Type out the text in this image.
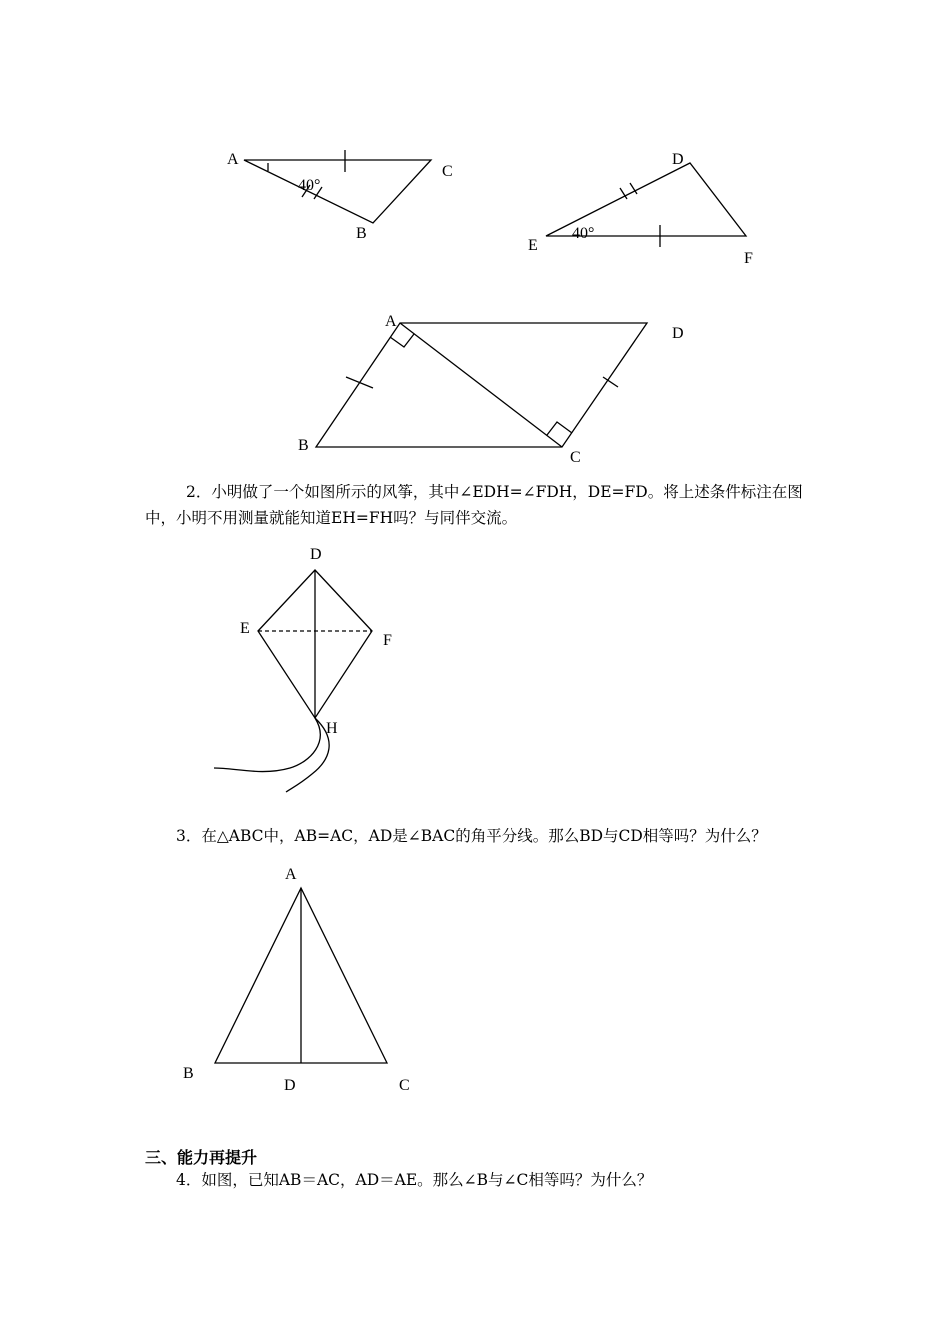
A
C
B
40°
D
E
F
40°
A
D
B
C

2．小明做了一个如图所示的风筝，其中∠EDH=∠FDH，DE=FD。将上述条件标注在图

中，小明不用测量就能知道EH=FH吗？与同伴交流。

D
E
F
H

3．在△ABC中，AB=AC，AD是∠BAC的角平分线。那么BD与CD相等吗？为什么？

A
B
D	C

三、能力再提升

4．如图，已知AB＝AC，AD＝AE。那么∠B与∠C相等吗？为什么？
